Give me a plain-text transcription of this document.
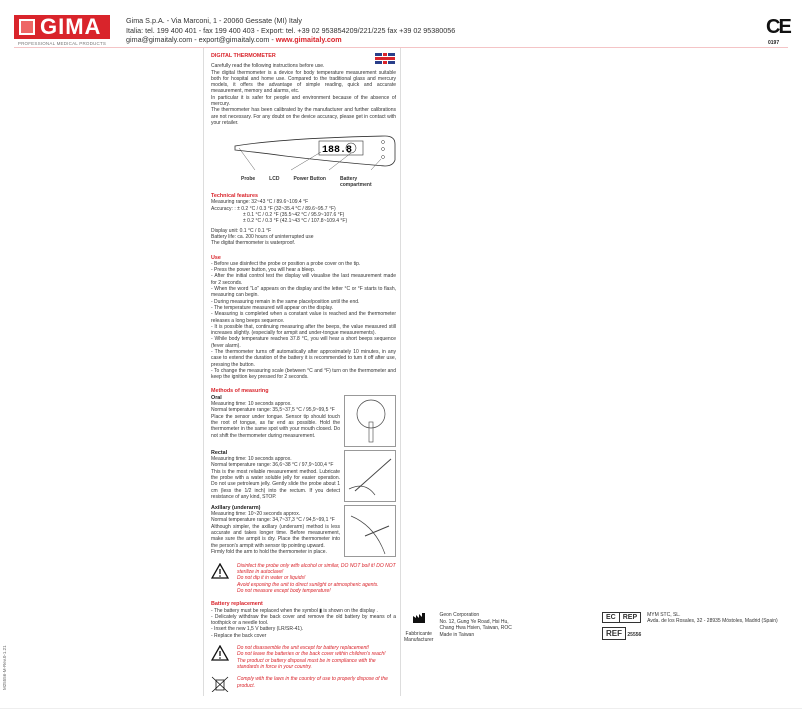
GIMA
PROFESSIONAL MEDICAL PRODUCTS
Gima S.p.A. - Via Marconi, 1 - 20060 Gessate (MI) Italy
Italia: tel. 199 400 401 - fax 199 400 403 - Export: tel. +39 02 953854209/221/225 fax +39 02 95380056
gima@gimaitaly.com - export@gimaitaly.com - www.gimaitaly.com
CE
0197
DIGITAL THERMOMETER

Carefully read the following instructions before use.

The digital thermometer is a device for body temperature measurement suitable both for hospital and home use. Compared to the traditional glass and mercury models, it offers the advantage of simple reading, quick and accurate measurement, memory and alarms, etc.

In particular it is safer for people and environment because of the absence of mercury.

The thermometer has been calibrated by the manufacturer and further calibrations are not necessary. For any doubt on the device accuracy, please get in contact with your retailer.

188.8
Probe	LCD	Power Button	Battery compartment
Technical features
Measuring range: 32~43 °C / 89.6~109.4 °F
Accuracy: : ± 0.2 °C / 0.3 °F (32~35.4 °C / 89.6~95.7 °F)
± 0.1 °C / 0.2 °F (35.5~42 °C / 95.9~107.6 °F)
± 0.2 °C / 0.3 °F (42.1~43 °C / 107.8~109.4 °F)
Display unit: 0.1 °C / 0.1 °F
Battery life: ca. 200 hours of uninterrupted use
The digital thermometer is waterproof.
Use

- Before use disinfect the probe or position a probe cover on the tip.

- Press the power button, you will hear a bleep.

- After the initial control test the display will visualise the last measurement made for 2 seconds.

- When the word "Lo" appears on the display and the letter °C or °F starts to flash, measuring can begin.

- During measuring remain in the same place/position until the end.

- The temperature measured will appear on the display.

- Measuring is completed when a constant value is reached and the thermometer releases a long beeps sequence.

- It is possible that, continuing measuring after the beeps, the value measured still increases slightly. (especially for armpit and under-tongue measurements).

- While body temperature reaches 37.8 °C, you will hear a short beeps sequence (fever alarm).

- The thermometer turns off automatically after approximately 10 minutes, in any case to extend the duration of the battery it is recommended to turn it off after use, pressing the button.

- To change the measuring scale (between °C and °F) turn on the thermometer and keep the ignition key pressed for 2 seconds.

Methods of measuring
Oral

Measuring time: 10 seconds approx.

Normal temperature range: 35,5~37,5 °C / 95,9~99,5 °F

Place the sensor under tongue. Sensor tip should touch the root of tongue, as far end as possible. Hold the thermometer in the same spot with your mouth closed. Do not shift the thermometer during measurement.

Rectal

Measuring time: 10 seconds approx.

Normal temperature range: 36,6~38 °C / 97,9~100,4 °F

This is the most reliable measurement method. Lubricate the probe with a water soluble jelly for easier operation. Do not use petroleum jelly. Gently slide the probe about 1 cm (less the 1/2 inch) into the rectum. If you detect resistance of any kind, STOP.

Axillary (underarm)

Measuring time: 10~20 seconds approx.

Normal temperature range: 34,7~37,3 °C / 94,5~99,1 °F

Although simpler, the axillary (underarm) method is less accurate and takes longer time. Before measurement, make sure the armpit is dry. Place the thermometer into the person's armpit with sensor tip pointing upward.

Firmly fold the arm to hold the thermometer in place.

Disinfect the probe only with alcohol or similar, DO NOT boil it! DO NOT sterilize in autoclave!
Do not dip it in water or liquids!
Avoid exposing the unit to direct sunlight or atmospheric agents.
Do not measure except body temperature!
Battery replacement

- The battery must be replaced when the symbol ▮ is shown on the display .

- Delicately withdraw the back cover and remove the old battery by means of a toothpick or a needle tool.

- Insert the new 1,5 V battery (LR/SR-41).

- Replace the back cover

Do not disassemble the unit except for battery replacement!
Do not leave the batteries or the back cover within children's reach!
The product or battery disposal must be in compliance with the standards in force in your country.
Comply with the laws in the country of use to properly dispose of the product.
M25556-M-Rev.0-1.21
Fabbricante
Manufacturer
Geon Corporation
No. 12, Gung Ye Road, Hsi Hu,
Chang Hwa Hsien, Taiwan, ROC
Made in Taiwan
EC REP	MYM STC, SL.
Avda. de los Rosales, 32 - 28935 Móstoles, Madrid (Spain)
REF 25556
